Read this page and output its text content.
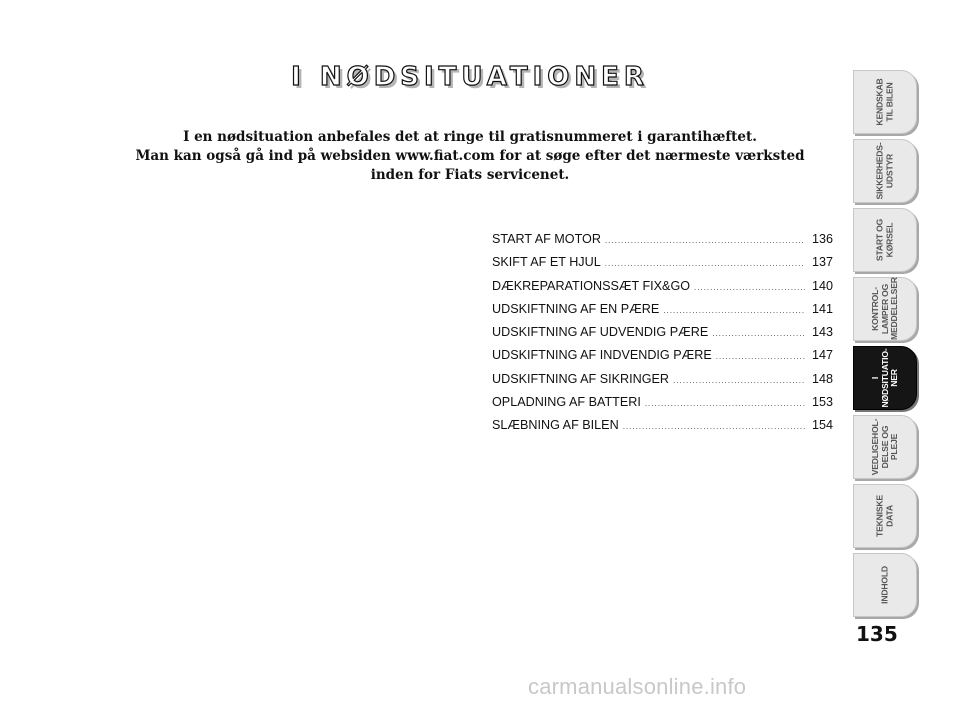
I NØDSITUATIONER
I en nødsituation anbefales det at ringe til gratisnummeret i garantihæftet.
Man kan også gå ind på websiden www.fiat.com for at søge efter det nærmeste værksted
inden for Fiats servicenet.
START AF MOTOR .....	136
SKIFT AF ET HJUL .....	137
DÆKREPARATIONSSÆT FIX&GO .....	140
UDSKIFTNING AF EN PÆRE .....	141
UDSKIFTNING AF UDVENDIG PÆRE .....	143
UDSKIFTNING AF INDVENDIG PÆRE .....	147
UDSKIFTNING AF SIKRINGER .....	148
OPLADNING AF BATTERI .....	153
SLÆBNING AF BILEN .....	154
KENDSKAB
TIL BILEN
SIKKERHEDS-
UDSTYR
START OG
KØRSEL
KONTROL-
LAMPER OG
MEDDELELSER
I
NØDSITUATIO-
NER
VEDLIGEHOL-
DELSE OG PLEJE
TEKNISKE
DATA
INDHOLD
135
carmanualsonline.info
